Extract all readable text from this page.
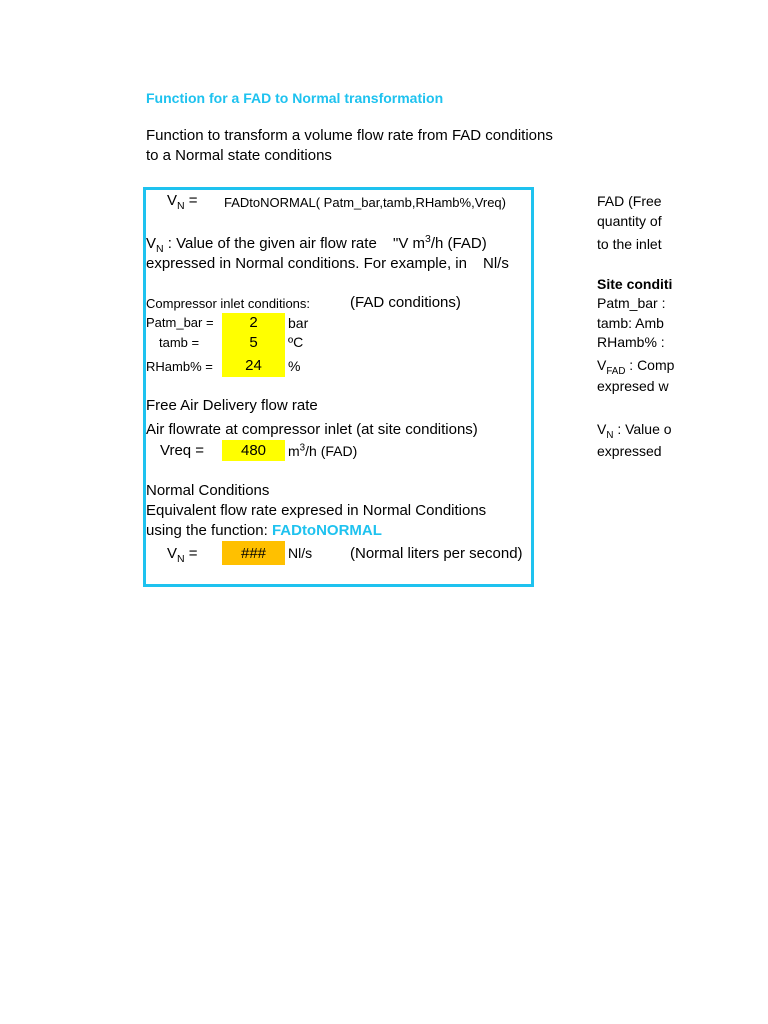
Function for a FAD to Normal transformation
Function to transform a volume flow rate from FAD conditions
to a Normal state conditions
$V_N$ = FADtoNORMAL( Patm_bar,tamb,RHamb%,Vreq)
$V_N$ : Value of the given air flow rate "V $m^3/h$ (FAD)
expressed in Normal conditions. For example, in Nl/s
Compressor inlet conditions:	(FAD conditions)
Patm_bar =	2	bar
tamb =	5	ºC
RHamb% =	24	%
Free Air Delivery flow rate
Air flowrate at compressor inlet (at site conditions)
Vreq =	480	$m^3/h$ (FAD)
Normal Conditions
Equivalent flow rate expresed in Normal Conditions
using the function: FADtoNORMAL
$V_N$ =	###	Nl/s	(Normal liters per second)
FAD (Free
quantity of
to the inlet
Site conditi
Patm_bar :
tamb: Amb
RHamb% :
$V_{FAD}$ : Comp
expresed w
$V_N$ : Value o
expressed
